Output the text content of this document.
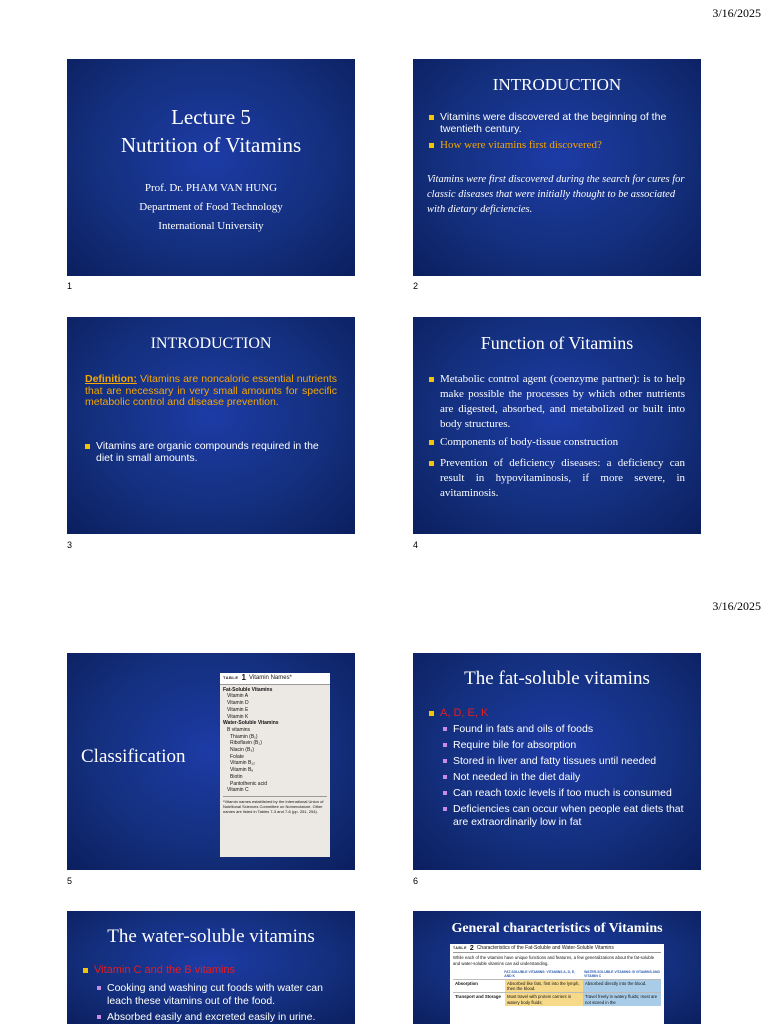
3/16/2025
Lecture 5
Nutrition of Vitamins
Prof. Dr. PHAM VAN HUNG
Department of Food Technology
International University
1
INTRODUCTION
Vitamins were discovered at the beginning of the twentieth century.
How were vitamins first discovered?
Vitamins were first discovered during the search for cures for classic diseases that were initially thought to be associated with dietary deficiencies.
2
INTRODUCTION
Definition: Vitamins are noncaloric essential nutrients that are necessary in very small amounts for specific metabolic control and disease prevention.
Vitamins are organic compounds required in the diet in small amounts.
3
Function of Vitamins
Metabolic control agent (coenzyme partner): is to help make possible the processes by which other nutrients are digested, absorbed, and metabolized or built into body structures.
Components of body-tissue construction
Prevention of deficiency diseases: a deficiency can result in hypovitaminosis, if more severe, in avitaminosis.
4
3/16/2025
Classification
TABLE 1 Vitamin Names*
Fat-Soluble Vitamins
Vitamin A
Vitamin D
Vitamin E
Vitamin K
Water-Soluble Vitamins
B vitamins
Thiamin (B₁)
Riboflavin (B₂)
Niacin (B₃)
Folate
Vitamin B₁₂
Vitamin B₆
Biotin
Pantothenic acid
Vitamin C
*Vitamin names established by the International Union of Nutritional Sciences Committee on Nomenclature. Other names are listed in Tables 7-3 and 7-6 (pp. 251, 254).
5
The fat-soluble vitamins
A, D, E, K
Found in fats and oils of foods
Require bile for absorption
Stored in liver and fatty tissues until needed
Not needed in the diet daily
Can reach toxic levels if too much is consumed
Deficiencies can occur when people eat diets that are extraordinarily low in fat
6
The water-soluble vitamins
Vitamin C and the B vitamins
Cooking and washing cut foods with water can leach these vitamins out of the food.
Absorbed easily and excreted easily in urine.
General characteristics of Vitamins
TABLE 2 Characteristics of the Fat-Soluble and Water-Soluble Vitamins
While each of the vitamins have unique functions and features, a few generalizations about the fat-soluble and water-soluble vitamins can aid understanding.
FAT-SOLUBLE VITAMINS: VITAMINS A, D, E, AND K
WATER-SOLUBLE VITAMINS: B VITAMINS AND VITAMIN C
Absorption	Absorbed like fats, first into the lymph, then the blood.
Absorbed directly into the blood.
Transport and Storage	Must travel with protein carriers in watery body fluids;
Travel freely in watery fluids; most are not stored in the
